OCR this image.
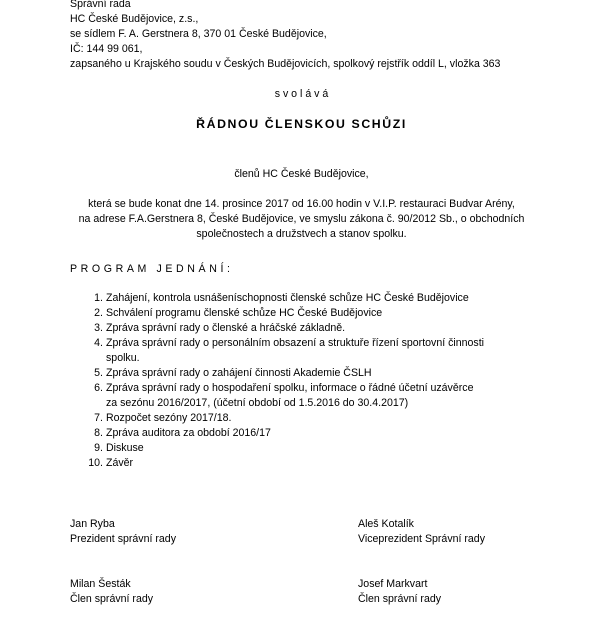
Správní rada
HC České Budějovice, z.s.,
se sídlem F. A. Gerstnera 8, 370 01 České Budějovice,
IČ: 144 99 061,
zapsaného u Krajského soudu v Českých Budějovicích, spolkový rejstřík oddíl L, vložka 363
s v o l á v á
ŘÁDNOU ČLENSKOU SCHŮZI
členů HC České Budějovice,
která se bude konat dne 14. prosince 2017 od 16.00 hodin v V.I.P. restauraci Budvar Arény,
na adrese F.A.Gerstnera 8, České Budějovice, ve smyslu zákona č. 90/2012 Sb., o obchodních
společnostech a družstvech a stanov spolku.
PROGRAM JEDNÁNÍ:
1. Zahájení, kontrola usnášeníschopnosti členské schůze HC České Budějovice
2. Schválení programu členské schůze HC České Budějovice
3. Zpráva správní rady o členské a hráčské základně.
4. Zpráva správní rady o personálním obsazení a struktuře řízení sportovní činnosti
spolku.
5. Zpráva správní rady o zahájení činnosti Akademie ČSLH
6. Zpráva správní rady o hospodaření spolku, informace o řádné účetní uzávěrce
za sezónu 2016/2017, (účetní období od 1.5.2016 do 30.4.2017)
7. Rozpočet sezóny 2017/18.
8. Zpráva auditora za období 2016/17
9. Diskuse
10. Závěr
Jan Ryba
Prezident správní rady
Aleš Kotalík
Viceprezident Správní rady
Milan Šesták
Člen správní rady
Josef Markvart
Člen správní rady
